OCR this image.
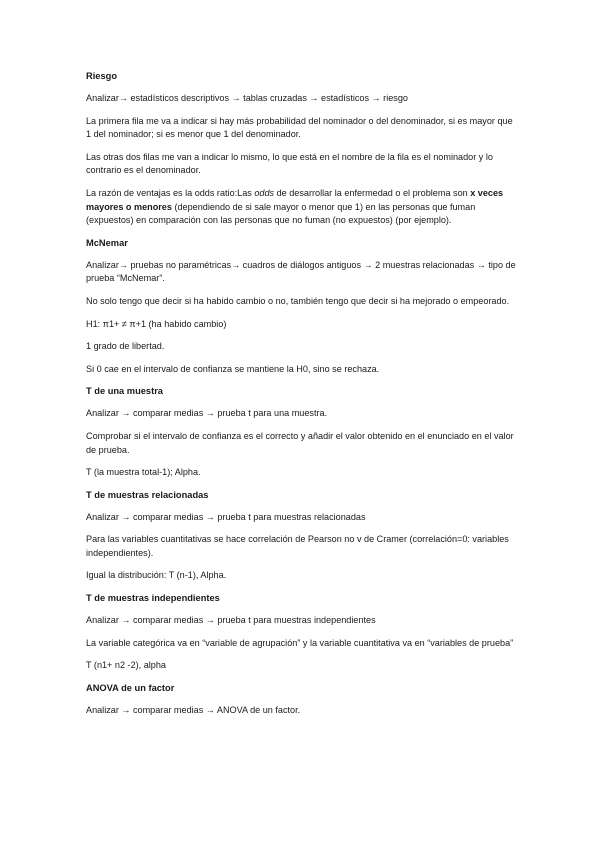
Riesgo
Analizar→ estadísticos descriptivos → tablas cruzadas → estadísticos → riesgo
La primera fila me va a indicar si hay más probabilidad del nominador o del denominador, si es mayor que 1 del nominador; si es menor que 1 del denominador.
Las otras dos filas me van a indicar lo mismo, lo que está en el nombre de la fila es el nominador y lo contrario es el denominador.
La razón de ventajas es la odds ratio:Las odds de desarrollar la enfermedad o el problema son x veces mayores o menores (dependiendo de si sale mayor o menor que 1) en las personas que fuman (expuestos) en comparación con las personas que no fuman (no expuestos) (por ejemplo).
McNemar
Analizar→ pruebas no paramétricas→ cuadros de diálogos antiguos → 2 muestras relacionadas → tipo de prueba “McNemar”.
No solo tengo que decir si ha habido cambio o no, también tengo que decir si ha mejorado o empeorado.
H1: π1+ ≠ π+1 (ha habido cambio)
1 grado de libertad.
Si 0 cae en el intervalo de confianza se mantiene la H0, sino se rechaza.
T de una muestra
Analizar → comparar medias → prueba t para una muestra.
Comprobar si el intervalo de confianza es el correcto y añadir el valor obtenido en el enunciado en el valor de prueba.
T (la muestra total-1); Alpha.
T de muestras relacionadas
Analizar → comparar medias → prueba t para muestras relacionadas
Para las variables cuantitativas se hace correlación de Pearson no v de Cramer (correlación=0: variables independientes).
Igual la distribución: T (n-1), Alpha.
T de muestras independientes
Analizar → comparar medias → prueba t para muestras independientes
La variable categórica va en “variable de agrupación” y la variable cuantitativa va en “variables de prueba”
T (n1+ n2 -2), alpha
ANOVA de un factor
Analizar → comparar medias → ANOVA de un factor.
